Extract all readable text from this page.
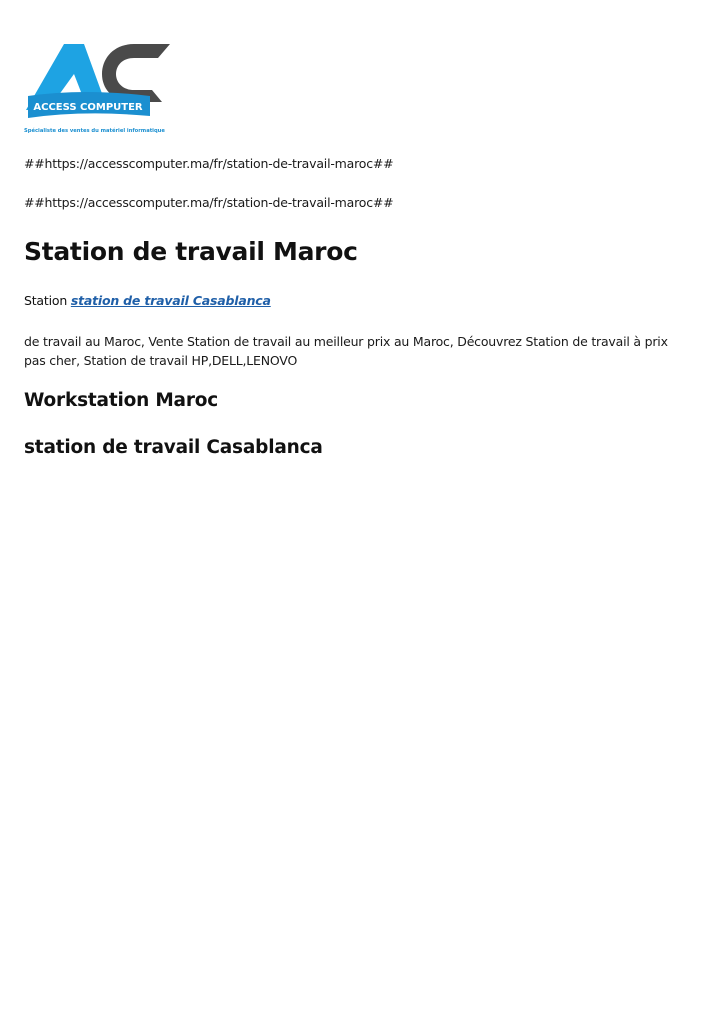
ACCESS COMPUTER
Spécialiste des ventes du matériel informatique
##https://accesscomputer.ma/fr/station-de-travail-maroc##
##https://accesscomputer.ma/fr/station-de-travail-maroc##
Station de travail Maroc
Station station de travail Casablanca
de travail au Maroc, Vente Station de travail au meilleur prix au Maroc, Découvrez Station de travail à prix pas cher, Station de travail HP,DELL,LENOVO
Workstation Maroc
station de travail Casablanca
